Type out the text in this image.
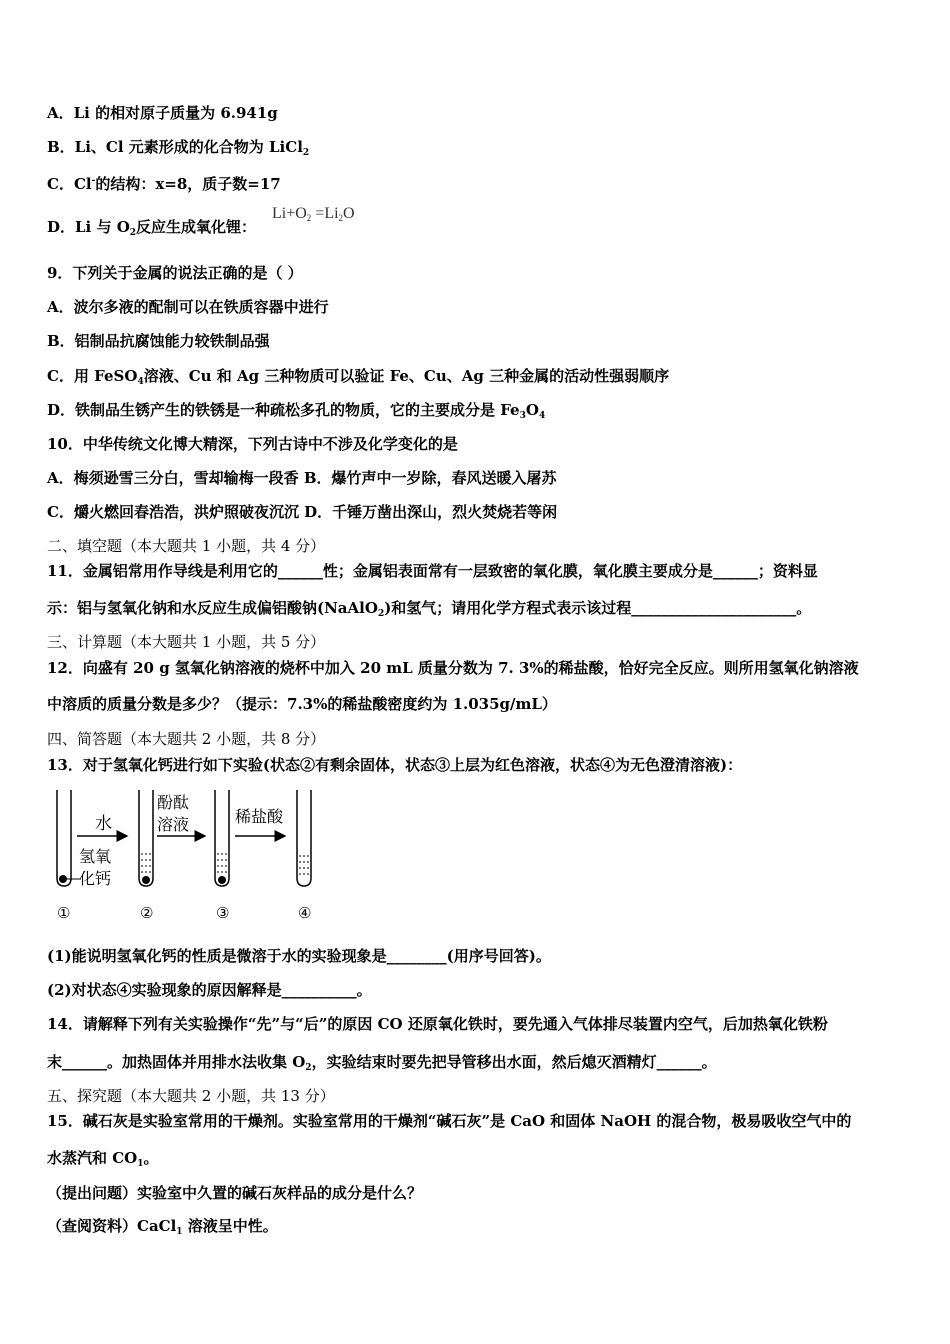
A．Li 的相对原子质量为 6.941g
B．Li、Cl 元素形成的化合物为 LiCl$_2$
C．Cl-的结构：x=8，质子数=17
D．Li 与 $O_2$反应生成氧化锂：
$Li+O_2 =Li_2O$
9．下列关于金属的说法正确的是（ ）
A．波尔多液的配制可以在铁质容器中进行
B．铝制品抗腐蚀能力较铁制品强
C．用 FeSO$_4$溶液、Cu 和 Ag 三种物质可以验证 Fe、Cu、Ag 三种金属的活动性强弱顺序
D．铁制品生锈产生的铁锈是一种疏松多孔的物质，它的主要成分是 $Fe_3O_4$
10．中华传统文化博大精深，下列古诗中不涉及化学变化的是
A．梅须逊雪三分白，雪却输梅一段香 B．爆竹声中一岁除，春风送暖入屠苏
C．爝火燃回春浩浩，洪炉照破夜沉沉 D．千锤万凿出深山，烈火焚烧若等闲
二、填空题（本大题共 1 小题，共 4 分）
11．金属铝常用作导线是利用它的______性；金属铝表面常有一层致密的氧化膜，氧化膜主要成分是______；资料显
示：铝与氢氧化钠和水反应生成偏铝酸钠(NaAlO$_2$)和氢气；请用化学方程式表示该过程______________________。
三、计算题（本大题共 1 小题，共 5 分）
12．向盛有 20 g 氢氧化钠溶液的烧杯中加入 20 mL 质量分数为 7. 3%的稀盐酸，恰好完全反应。则所用氢氧化钠溶液
中溶质的质量分数是多少？（提示：7.3%的稀盐酸密度约为 1.035g/mL）
四、简答题（本大题共 2 小题，共 8 分）
13．对于氢氧化钙进行如下实验(状态②有剩余固体，状态③上层为红色溶液，状态④为无色澄清溶液)：
水
氢氧
化钙
酚酞
溶液	稀盐酸
①	②	③	④
(1)能说明氢氧化钙的性质是微溶于水的实验现象是________(用序号回答)。
(2)对状态④实验现象的原因解释是__________。
14．请解释下列有关实验操作“先”与“后”的原因 CO 还原氧化铁时，要先通入气体排尽装置内空气，后加热氧化铁粉
末______。加热固体并用排水法收集 $O_2$，实验结束时要先把导管移出水面，然后熄灭酒精灯______。
五、探究题（本大题共 2 小题，共 13 分）
15．碱石灰是实验室常用的干燥剂。实验室常用的干燥剂“碱石灰”是 CaO 和固体 NaOH 的混合物，极易吸收空气中的
水蒸汽和 $CO_1$。
（提出问题）实验室中久置的碱石灰样品的成分是什么？
（查阅资料）CaCl$_1$ 溶液呈中性。
